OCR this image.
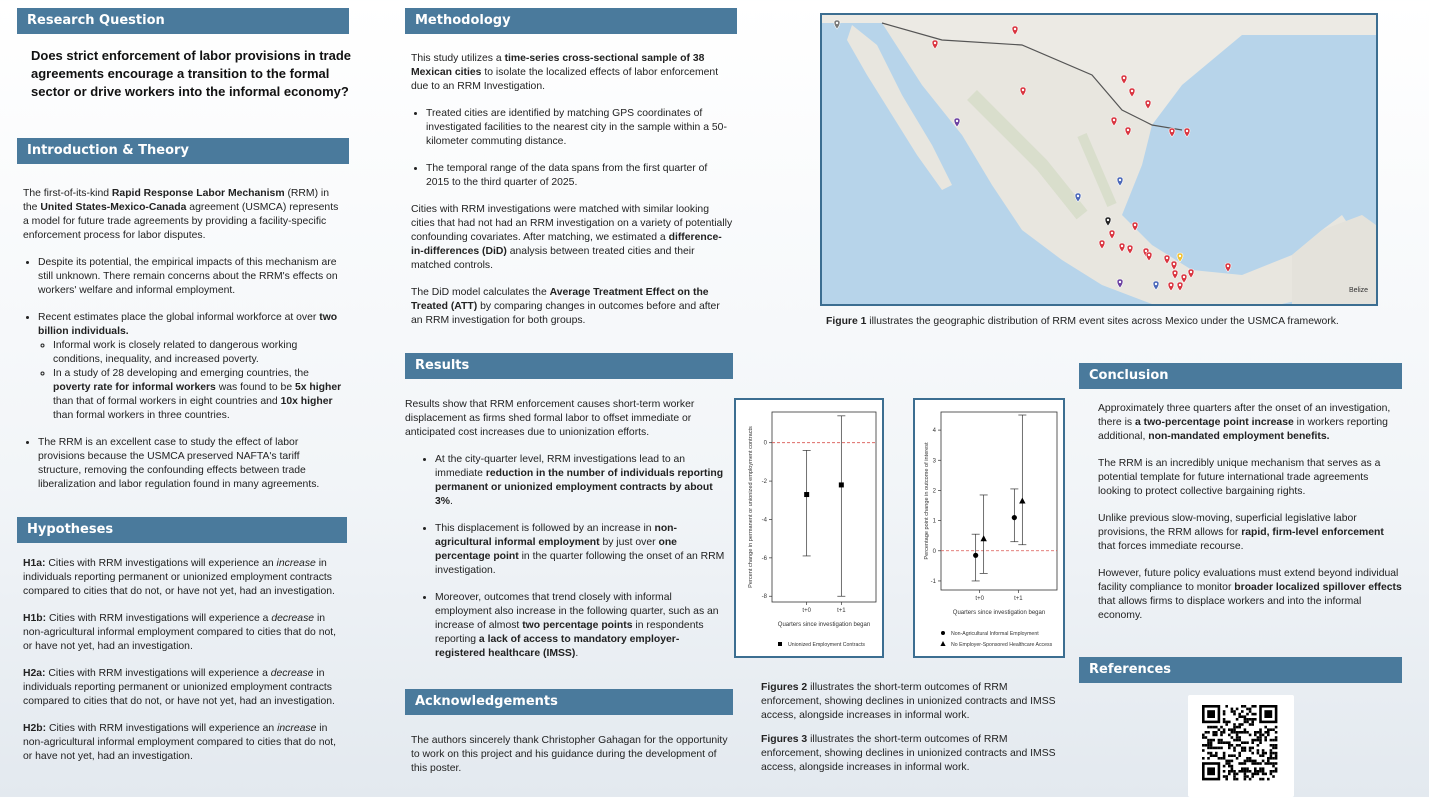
Research Question
Does strict enforcement of labor provisions in trade agreements encourage a transition to the formal sector or drive workers into the informal economy?
Introduction & Theory

The first-of-its-kind Rapid Response Labor Mechanism (RRM) in the United States-Mexico-Canada agreement (USMCA) represents a model for future trade agreements by providing a facility-specific enforcement process for labor disputes.

• Despite its potential, the empirical impacts of this mechanism are still unknown. There remain concerns about the RRM's effects on workers' welfare and informal employment.
• Recent estimates place the global informal workforce at over two billion individuals.
◦ Informal work is closely related to dangerous working conditions, inequality, and increased poverty.
◦ In a study of 28 developing and emerging countries, the poverty rate for informal workers was found to be 5x higher than that of formal workers in eight countries and 10x higher than formal workers in three countries.
• The RRM is an excellent case to study the effect of labor provisions because the USMCA preserved NAFTA's tariff structure, removing the confounding effects between trade liberalization and labor regulation found in many agreements.
Hypotheses

H1a: Cities with RRM investigations will experience an increase in individuals reporting permanent or unionized employment contracts compared to cities that do not, or have not yet, had an investigation.

H1b: Cities with RRM investigations will experience a decrease in non-agricultural informal employment compared to cities that do not, or have not yet, had an investigation.

H2a: Cities with RRM investigations will experience a decrease in individuals reporting permanent or unionized employment contracts compared to cities that do not, or have not yet, had an investigation.

H2b: Cities with RRM investigations will experience an increase in non-agricultural informal employment compared to cities that do not, or have not yet, had an investigation.

Methodology

This study utilizes a time-series cross-sectional sample of 38 Mexican cities to isolate the localized effects of labor enforcement due to an RRM Investigation.

• Treated cities are identified by matching GPS coordinates of investigated facilities to the nearest city in the sample within a 50-kilometer commuting distance.
• The temporal range of the data spans from the first quarter of 2015 to the third quarter of 2025.

Cities with RRM investigations were matched with similar looking cities that had not had an RRM investigation on a variety of potentially confounding covariates. After matching, we estimated a difference-in-differences (DiD) analysis between treated cities and their matched controls.

The DiD model calculates the Average Treatment Effect on the Treated (ATT) by comparing changes in outcomes before and after an RRM investigation for both groups.

Results

Results show that RRM enforcement causes short-term worker displacement as firms shed formal labor to offset immediate or anticipated cost increases due to unionization efforts.

• At the city-quarter level, RRM investigations lead to an immediate reduction in the number of individuals reporting permanent or unionized employment contracts by about 3%.
• This displacement is followed by an increase in non-agricultural informal employment by just over one percentage point in the quarter following the onset of an RRM investigation.
• Moreover, outcomes that trend closely with informal employment also increase in the following quarter, such as an increase of almost two percentage points in respondents reporting a lack of access to mandatory employer-registered healthcare (IMSS).
Acknowledgements
The authors sincerely thank Christopher Gahagan for the opportunity to work on this project and his guidance during the development of this poster.
Belize
Figure 1 illustrates the geographic distribution of RRM event sites across Mexico under the USMCA framework.
0
-2
-4
-6
-8
t+0	t+1
Percent change in permanent or unionized employment contracts
Quarters since investigation began
Unionized Employment Contracts
-1
0
1
2
3
4
t+0	t+1
Percentage point change in outcome of interest
Quarters since investigation began
Non-Agricultural Informal Employment
No Employer-Sponsored Healthcare Access
Figures 2 illustrates the short-term outcomes of RRM enforcement, showing declines in unionized contracts and IMSS access, alongside increases in informal work.
Figures 3 illustrates the short-term outcomes of RRM enforcement, showing declines in unionized contracts and IMSS access, alongside increases in informal work.
Conclusion

Approximately three quarters after the onset of an investigation, there is a two-percentage point increase in workers reporting additional, non-mandated employment benefits.

The RRM is an incredibly unique mechanism that serves as a potential template for future international trade agreements looking to protect collective bargaining rights.

Unlike previous slow-moving, superficial legislative labor provisions, the RRM allows for rapid, firm-level enforcement that forces immediate recourse.

However, future policy evaluations must extend beyond individual facility compliance to monitor broader localized spillover effects that allows firms to displace workers and into the informal economy.

References
